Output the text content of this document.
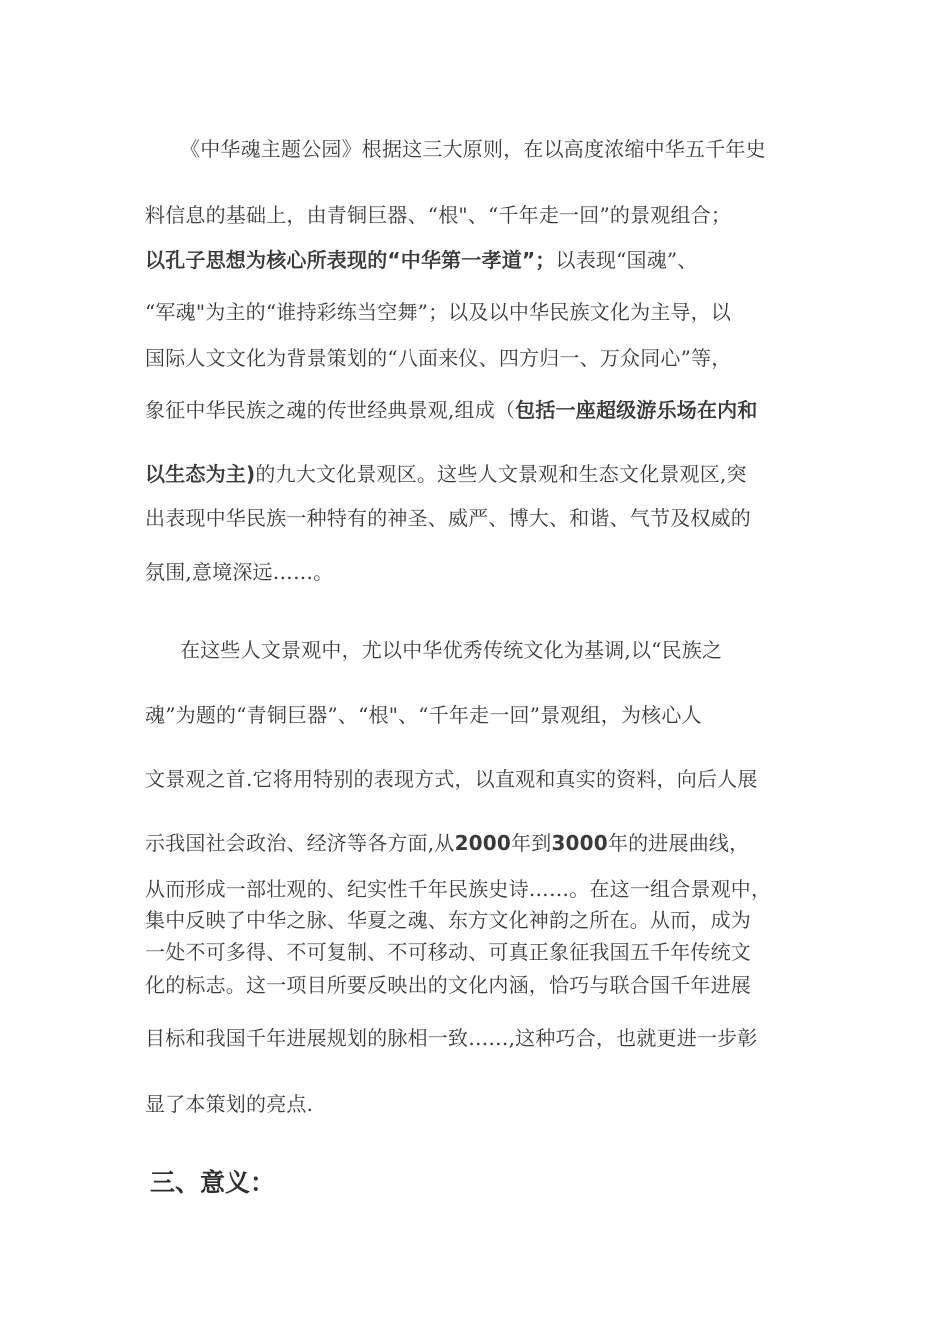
《中华魂主题公园》根据这三大原则，在以高度浓缩中华五千年史
料信息的基础上，由青铜巨器、“根"、“千年走一回”的景观组合；
以孔子思想为核心所表现的“中华第一孝道”；以表现“国魂”、
“军魂"为主的“谁持彩练当空舞”；以及以中华民族文化为主导，以
国际人文文化为背景策划的“八面来仪、四方归一、万众同心”等，
象征中华民族之魂的传世经典景观,组成（包括一座超级游乐场在内和
以生态为主)的九大文化景观区。这些人文景观和生态文化景观区,突
出表现中华民族一种特有的神圣、威严、博大、和谐、气节及权威的
氛围,意境深远……。
在这些人文景观中，尤以中华优秀传统文化为基调,以“民族之
魂”为题的“青铜巨器”、“根"、“千年走一回”景观组，为核心人
文景观之首.它将用特别的表现方式，以直观和真实的资料，向后人展
示我国社会政治、经济等各方面,从2000年到3000年的进展曲线，
从而形成一部壮观的、纪实性千年民族史诗……。在这一组合景观中，
集中反映了中华之脉、华夏之魂、东方文化神韵之所在。从而，成为
一处不可多得、不可复制、不可移动、可真正象征我国五千年传统文
化的标志。这一项目所要反映出的文化内涵，恰巧与联合国千年进展
目标和我国千年进展规划的脉相一致……,这种巧合，也就更进一步彰
显了本策划的亮点.
三、意义：
